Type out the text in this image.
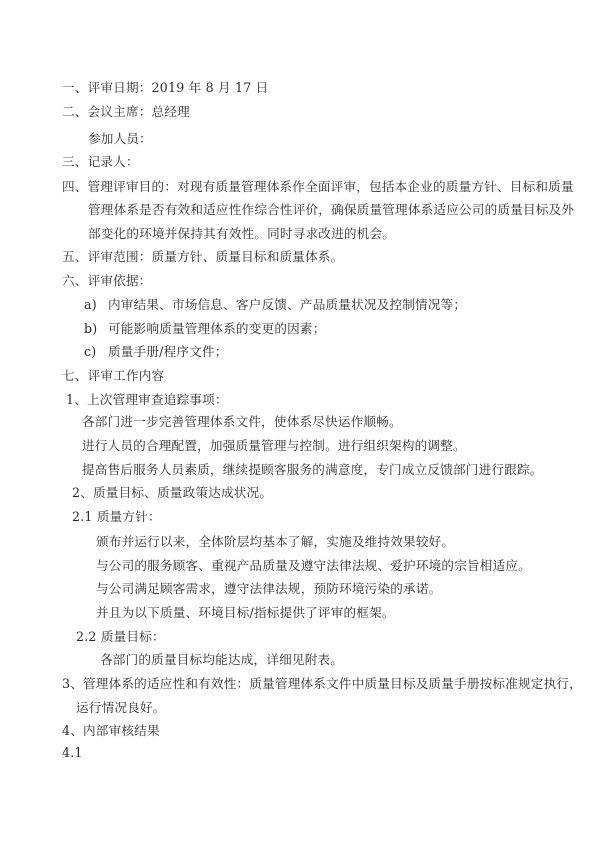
一、评审日期：2019 年 8 月 17 日
二、会议主席：总经理
参加人员：
三、记录人：
四、管理评审目的：对现有质量管理体系作全面评审，包括本企业的质量方针、目标和质量
管理体系是否有效和适应性作综合性评价，确保质量管理体系适应公司的质量目标及外
部变化的环境并保持其有效性。同时寻求改进的机会。
五、评审范围：质量方针、质量目标和质量体系。
六、评审依据：
a) 内审结果、市场信息、客户反馈、产品质量状况及控制情况等；
b) 可能影响质量管理体系的变更的因素；
c) 质量手册/程序文件；
七、评审工作内容
1、上次管理审查追踪事项：
各部门进一步完善管理体系文件，使体系尽快运作顺畅。
进行人员的合理配置，加强质量管理与控制。进行组织架构的调整。
提高售后服务人员素质，继续提顾客服务的满意度，专门成立反馈部门进行跟踪。
2、质量目标、质量政策达成状况。
2.1 质量方针：
颁布并运行以来，全体阶层均基本了解，实施及维持效果较好。
与公司的服务顾客、重视产品质量及遵守法律法规、爱护环境的宗旨相适应。
与公司满足顾客需求，遵守法律法规，预防环境污染的承诺。
并且为以下质量、环境目标/指标提供了评审的框架。
2.2 质量目标：
各部门的质量目标均能达成，详细见附表。
3、管理体系的适应性和有效性：质量管理体系文件中质量目标及质量手册按标准规定执行，
运行情况良好。
4、内部审核结果
4.1
